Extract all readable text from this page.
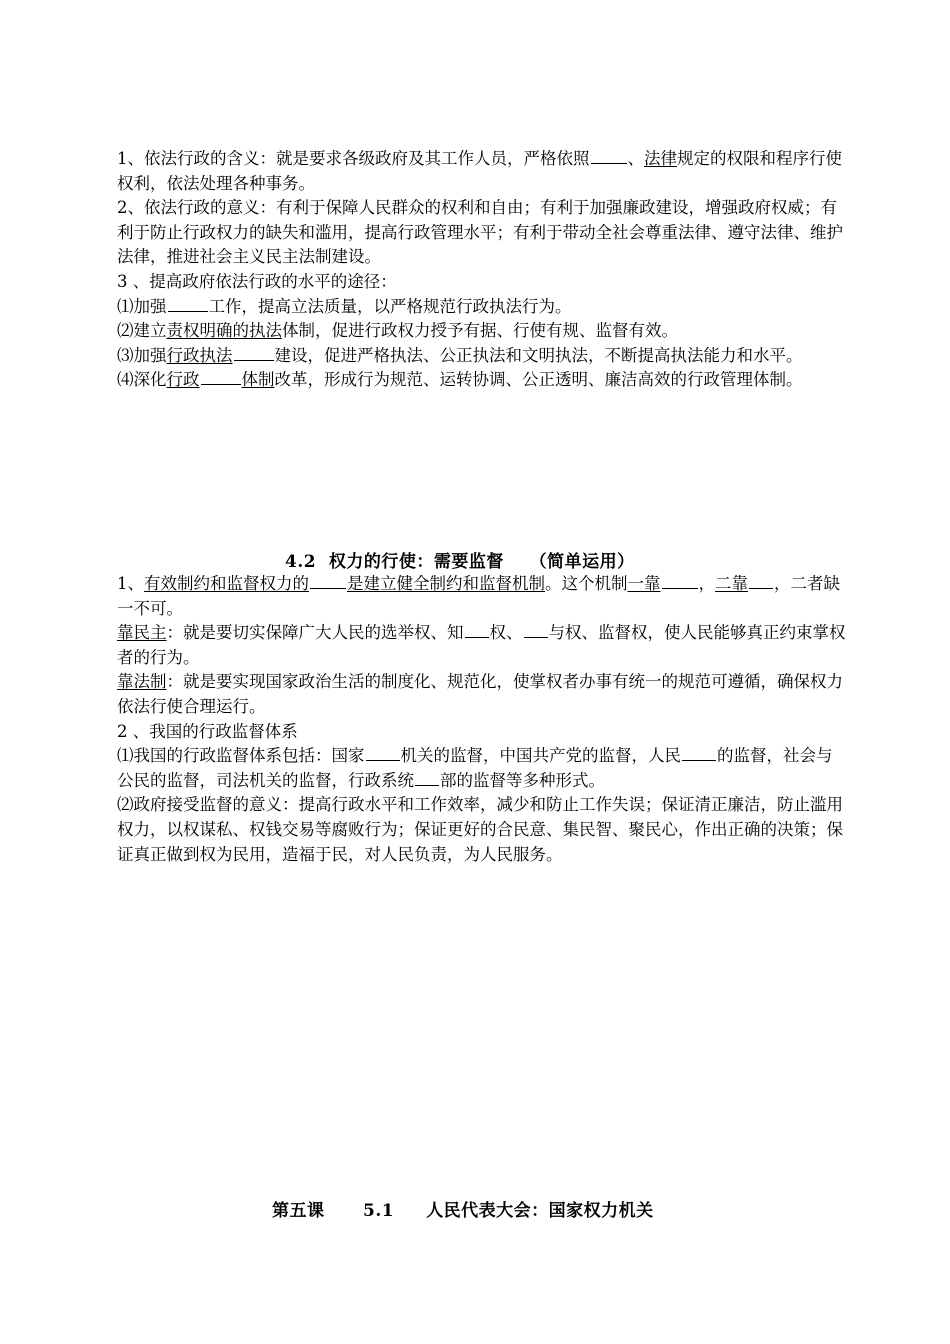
1、依法行政的含义：就是要求各级政府及其工作人员，严格依照 、法律规定的权限和程序行使权利，依法处理各种事务。

2、依法行政的意义：有利于保障人民群众的权利和自由；有利于加强廉政建设，增强政府权威；有利于防止行政权力的缺失和滥用，提高行政管理水平；有利于带动全社会尊重法律、遵守法律、维护法律，推进社会主义民主法制建设。

3 、提高政府依法行政的水平的途径：

⑴加强	工作，提高立法质量，以严格规范行政执法行为。

⑵建立责权明确的执法体制，促进行政权力授予有据、行使有规、监督有效。

⑶加强行政执法	建设，促进严格执法、公正执法和文明执法，不断提高执法能力和水平。

⑷深化行政	体制改革，形成行为规范、运转协调、公正透明、廉洁高效的行政管理体制。

4.2 权力的行使：需要监督 （简单运用）

1、有效制约和监督权力的 是建立健全制约和监督机制。这个机制一靠 ，二靠 ，二者缺一不可。

靠民主：就是要切实保障广大人民的选举权、知 权、 与权、监督权，使人民能够真正约束掌权者的行为。

靠法制：就是要实现国家政治生活的制度化、规范化，使掌权者办事有统一的规范可遵循，确保权力依法行使合理运行。

2 、我国的行政监督体系

⑴我国的行政监督体系包括：国家 机关的监督，中国共产党的监督，人民 的监督，社会与公民的监督，司法机关的监督，行政系统 部的监督等多种形式。

⑵政府接受监督的意义：提高行政水平和工作效率，减少和防止工作失误；保证清正廉洁，防止滥用权力，以权谋私、权钱交易等腐败行为；保证更好的合民意、集民智、聚民心，作出正确的决策；保证真正做到权为民用，造福于民，对人民负责，为人民服务。

第五课 5.1 人民代表大会：国家权力机关
